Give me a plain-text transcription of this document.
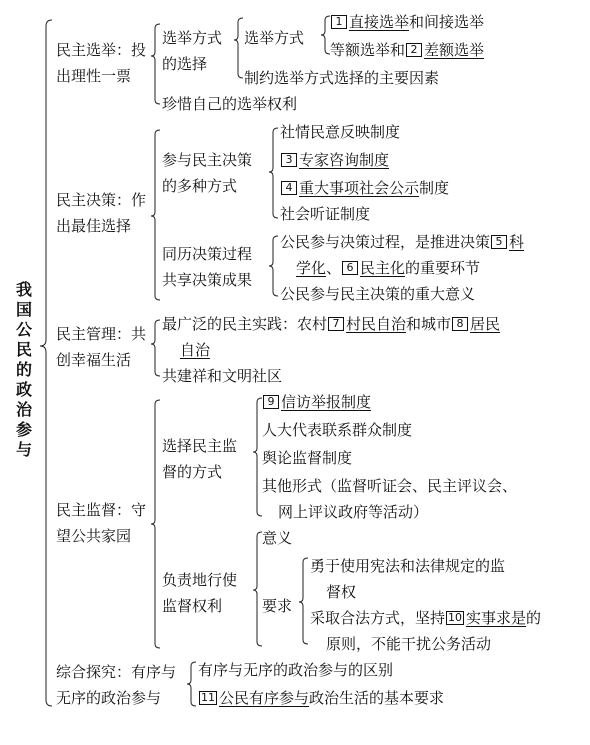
我国公民的政治参与
民主选举：投
出理性一票
选举方式
的选择
选举方式
1 直接选举和间接选举
等额选举和 2 差额选举
制约选举方式选择的主要因素
珍惜自己的选举权利
民主决策：作
出最佳选择
参与民主决策
的多种方式
社情民意反映制度
3 专家咨询制度
4 重大事项社会公示制度
社会听证制度
同历决策过程
共享决策成果
公民参与决策过程，是推进决策 5 科
学化、 6 民主化的重要环节
公民参与民主决策的重大意义
民主管理：共
创幸福生活
最广泛的民主实践：农村 7 村民自治和城市 8 居民
自治
共建祥和文明社区
民主监督：守
望公共家园
选择民主监
督的方式
9 信访举报制度
人大代表联系群众制度
舆论监督制度
其他形式（监督听证会、民主评议会、
网上评议政府等活动）
负责地行使
监督权利
意义
要求
勇于使用宪法和法律规定的监
督权
采取合法方式，坚持 10 实事求是的
原则，不能干扰公务活动
综合探究：有序与
无序的政治参与
有序与无序的政治参与的区别
11 公民有序参与政治生活的基本要求
